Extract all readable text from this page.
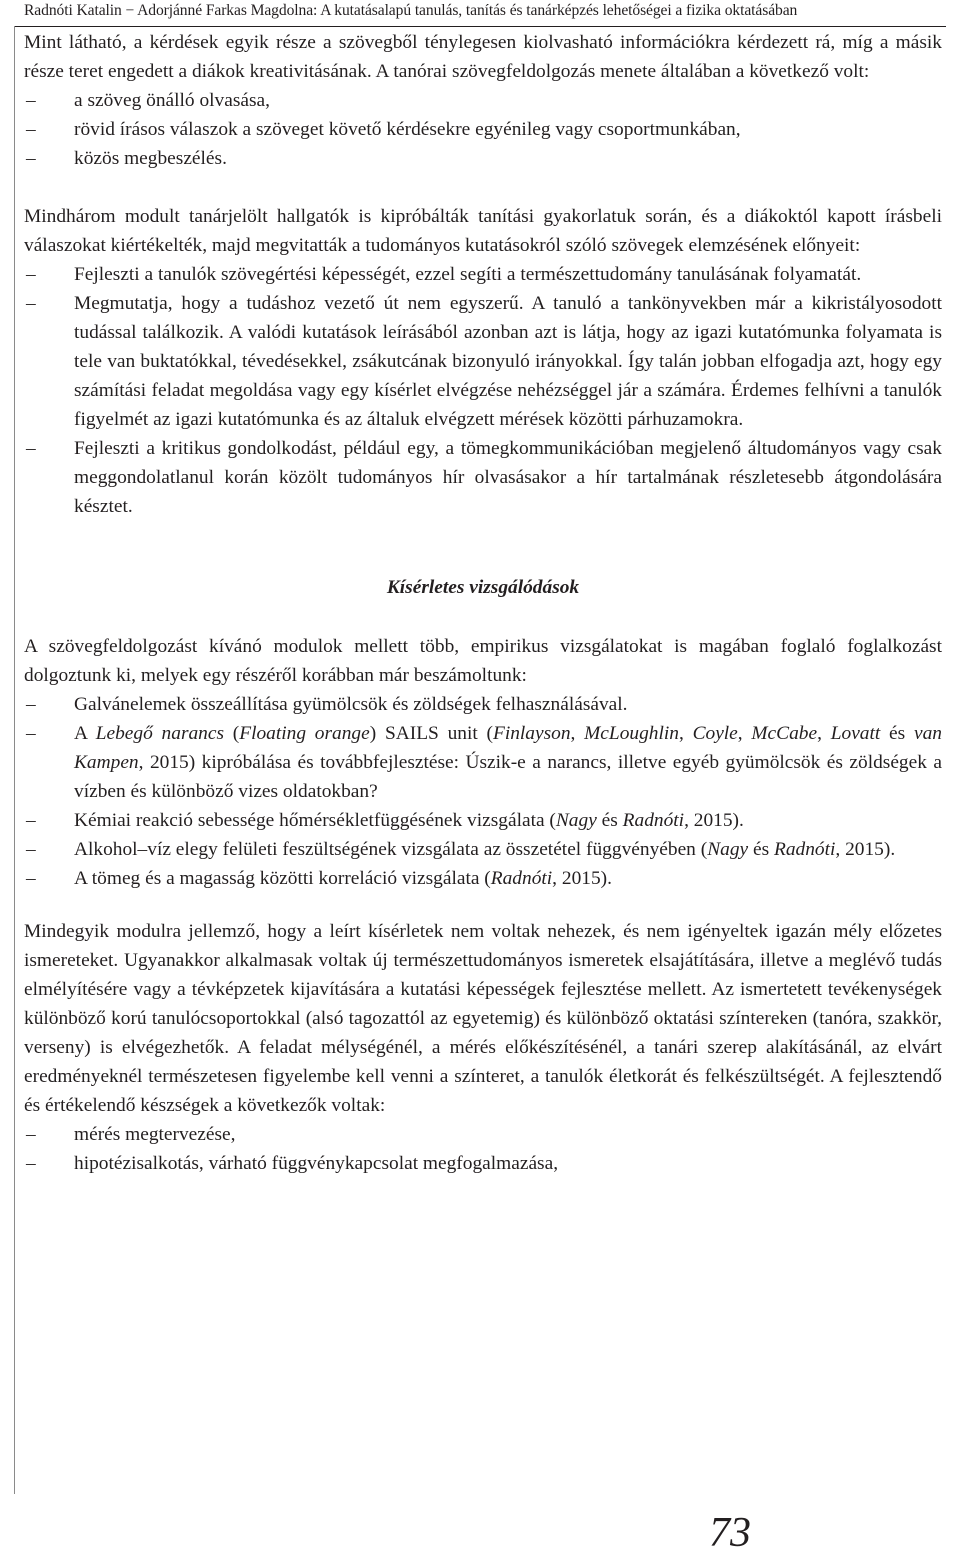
Radnóti Katalin − Adorjánné Farkas Magdolna: A kutatásalapú tanulás, tanítás és tanárképzés lehetőségei a fizika oktatásában

Mint látható, a kérdések egyik része a szövegből ténylegesen kiolvasható információkra kérdezett rá, míg a másik része teret engedett a diákok kreativitásának. A tanórai szövegfeldolgozás menete általában a következő volt:

– a szöveg önálló olvasása,
– rövid írásos válaszok a szöveget követő kérdésekre egyénileg vagy csoportmunkában,
– közös megbeszélés.

Mindhárom modult tanárjelölt hallgatók is kipróbálták tanítási gyakorlatuk során, és a diákoktól kapott írásbeli válaszokat kiértékelték, majd megvitatták a tudományos kutatásokról szóló szövegek elemzésének előnyeit:

– Fejleszti a tanulók szövegértési képességét, ezzel segíti a természettudomány tanulásának folyamatát.
– Megmutatja, hogy a tudáshoz vezető út nem egyszerű. A tanuló a tankönyvekben már a kikristályosodott tudással találkozik. A valódi kutatások leírásából azonban azt is látja, hogy az igazi kutatómunka folyamata is tele van buktatókkal, tévedésekkel, zsákutcának bizonyuló irányokkal. Így talán jobban elfogadja azt, hogy egy számítási feladat megoldása vagy egy kísérlet elvégzése nehézséggel jár a számára. Érdemes felhívni a tanulók figyelmét az igazi kutatómunka és az általuk elvégzett mérések közötti párhuzamokra.
– Fejleszti a kritikus gondolkodást, például egy, a tömegkommunikációban megjelenő áltudományos vagy csak meggondolatlanul korán közölt tudományos hír olvasásakor a hír tartalmának részletesebb átgondolására késztet.
Kísérletes vizsgálódások

A szövegfeldolgozást kívánó modulok mellett több, empirikus vizsgálatokat is magában foglaló foglalkozást dolgoztunk ki, melyek egy részéről korábban már beszámoltunk:

– Galvánelemek összeállítása gyümölcsök és zöldségek felhasználásával.
– A Lebegő narancs (Floating orange) SAILS unit (Finlayson, McLoughlin, Coyle, McCabe, Lovatt és van Kampen, 2015) kipróbálása és továbbfejlesztése: Úszik-e a narancs, illetve egyéb gyümölcsök és zöldségek a vízben és különböző vizes oldatokban?
– Kémiai reakció sebessége hőmérsékletfüggésének vizsgálata (Nagy és Radnóti, 2015).
– Alkohol–víz elegy felületi feszültségének vizsgálata az összetétel függvényében (Nagy és Radnóti, 2015).
– A tömeg és a magasság közötti korreláció vizsgálata (Radnóti, 2015).

Mindegyik modulra jellemző, hogy a leírt kísérletek nem voltak nehezek, és nem igényeltek igazán mély előzetes ismereteket. Ugyanakkor alkalmasak voltak új természettudományos ismeretek elsajátítására, illetve a meglévő tudás elmélyítésére vagy a tévképzetek kijavítására a kutatási képességek fejlesztése mellett. Az ismertetett tevékenységek különböző korú tanulócsoportokkal (alsó tagozattól az egyetemig) és különböző oktatási színtereken (tanóra, szakkör, verseny) is elvégezhetők. A feladat mélységénél, a mérés előkészítésénél, a tanári szerep alakításánál, az elvárt eredményeknél természetesen figyelembe kell venni a színteret, a tanulók életkorát és felkészültségét. A fejlesztendő és értékelendő készségek a következők voltak:

– mérés megtervezése,
– hipotézisalkotás, várható függvénykapcsolat megfogalmazása,
73
